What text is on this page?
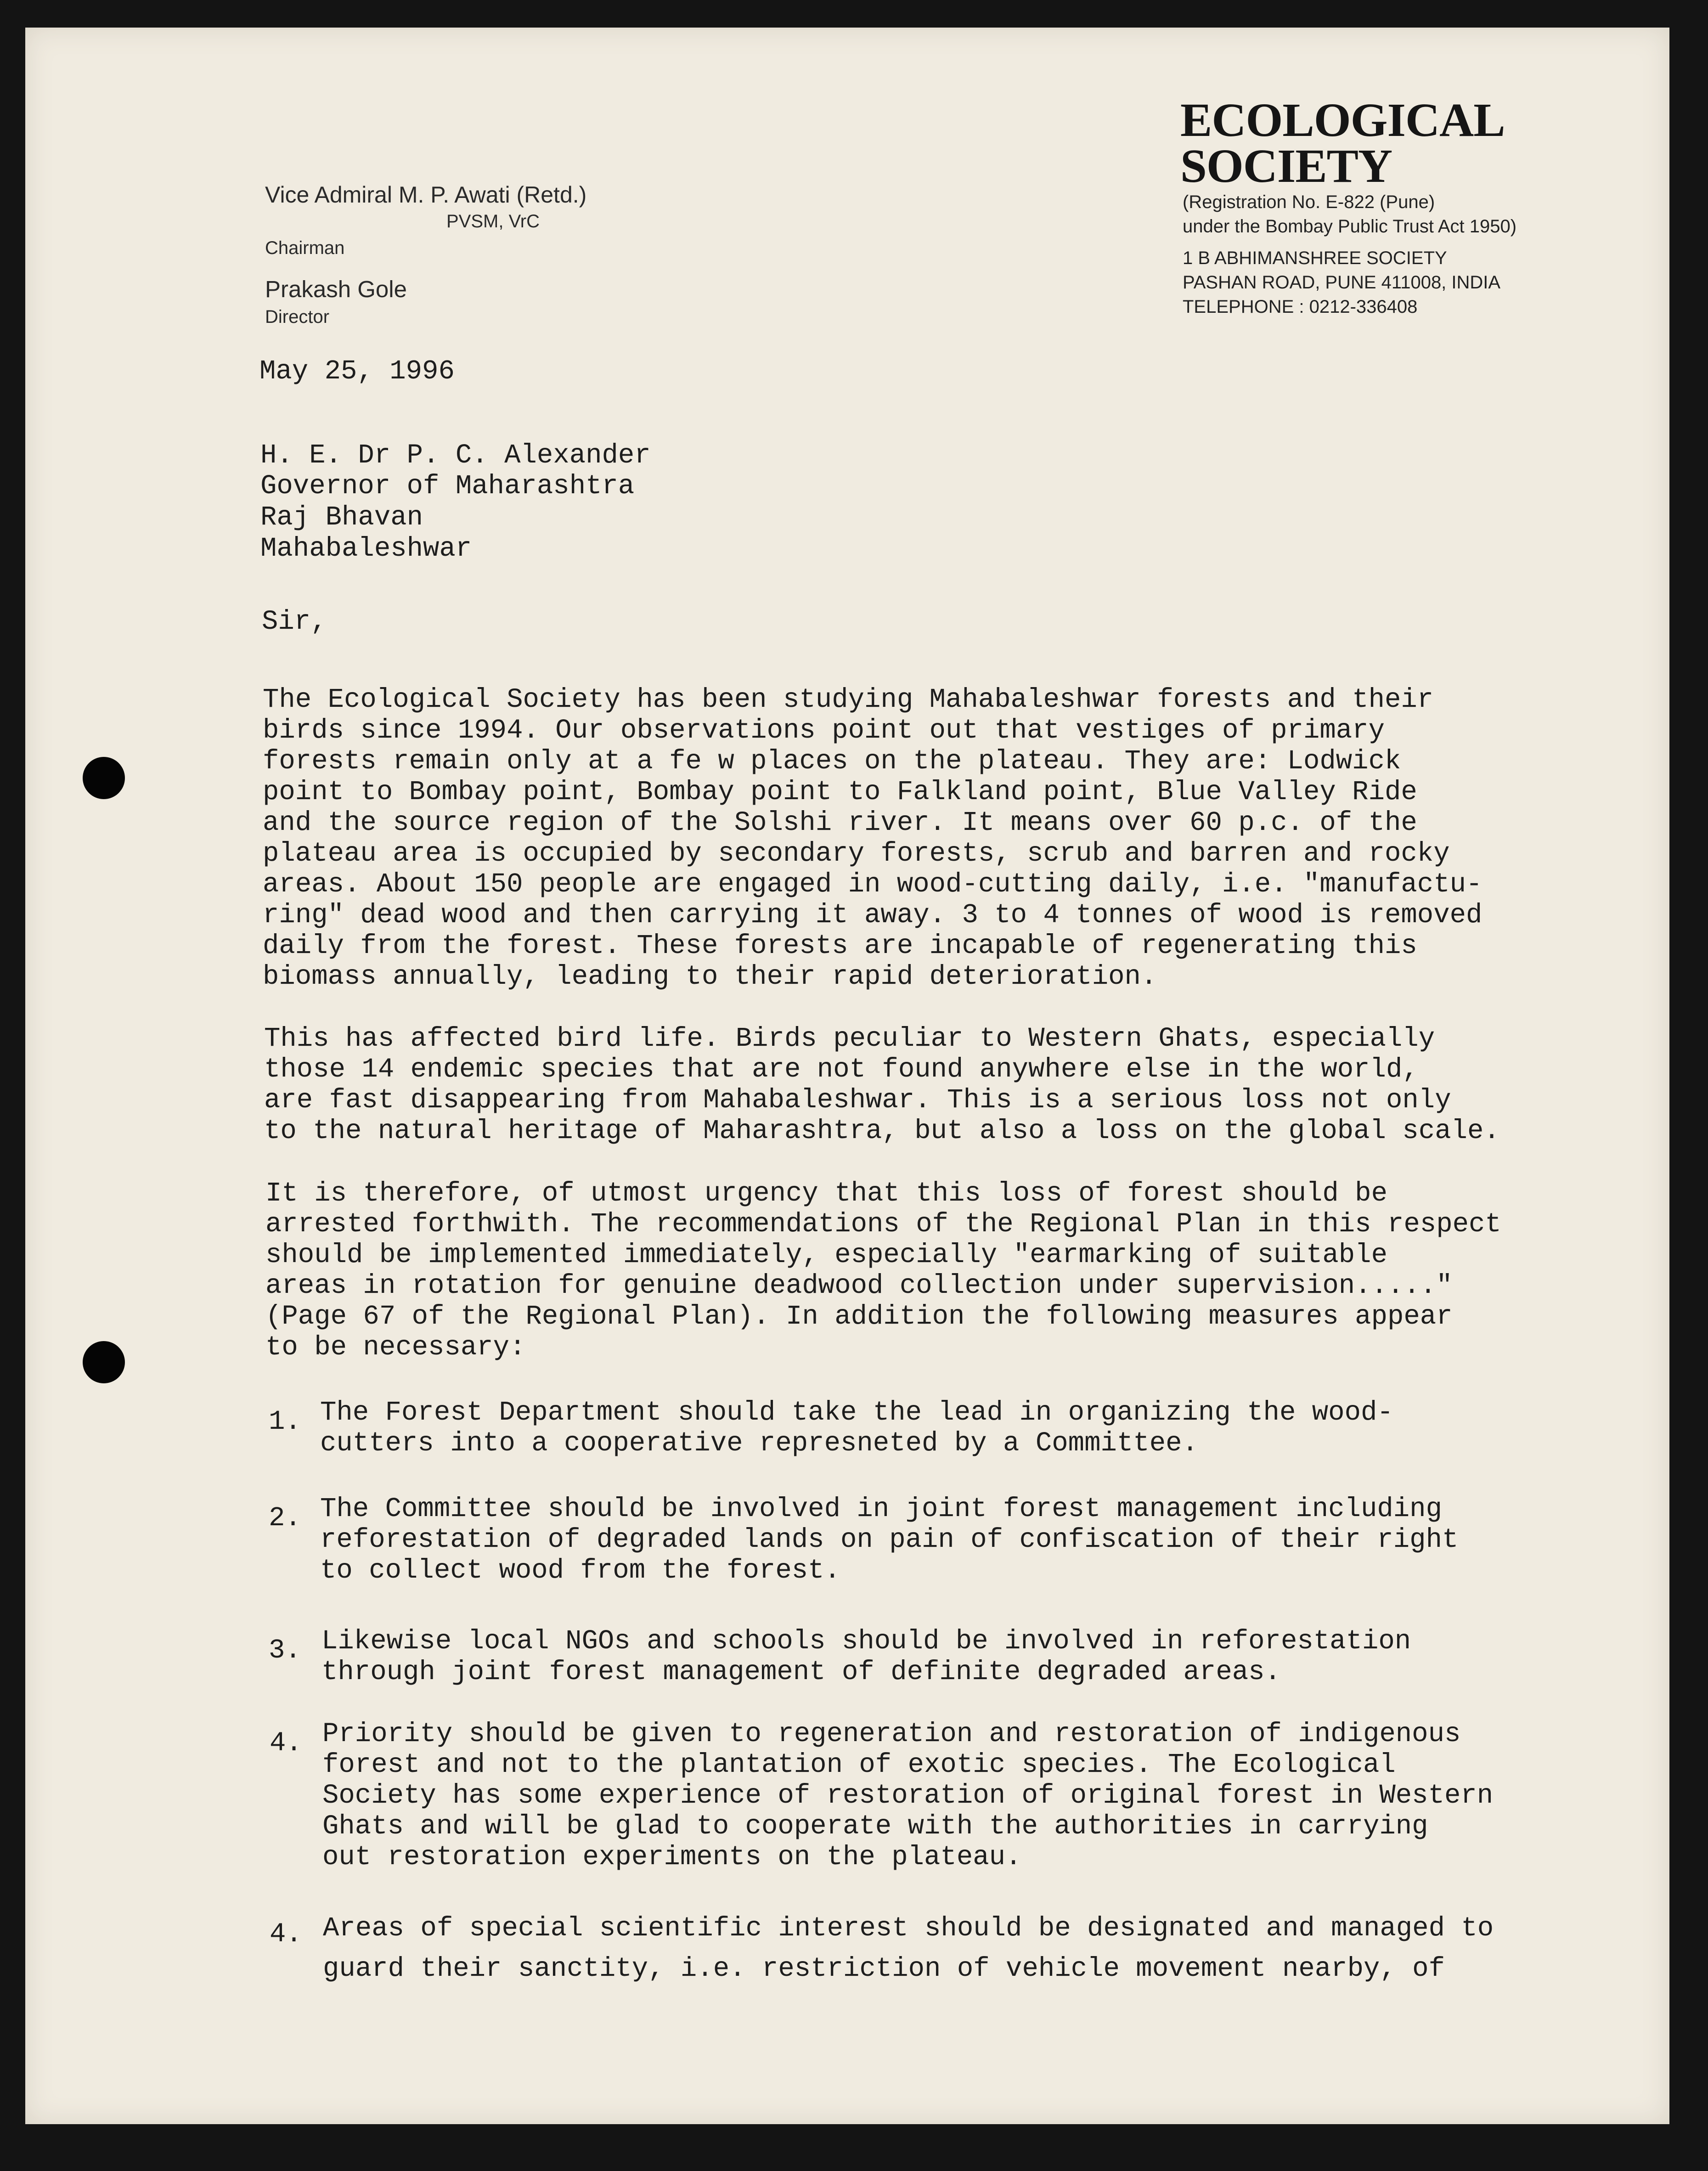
ECOLOGICAL
SOCIETY
(Registration No. E-822 (Pune)
under the Bombay Public Trust Act 1950)
1 B ABHIMANSHREE SOCIETY
PASHAN ROAD, PUNE 411008, INDIA
TELEPHONE : 0212-336408
Vice Admiral M. P. Awati (Retd.)
PVSM, VrC
Chairman
Prakash Gole
Director
May 25, 1996
H. E. Dr P. C. Alexander
Governor of Maharashtra
Raj Bhavan
Mahabaleshwar
Sir,
The Ecological Society has been studying Mahabaleshwar forests and their
birds since 1994. Our observations point out that vestiges of primary
forests remain only at a fe w places on the plateau. They are: Lodwick
point to Bombay point, Bombay point to Falkland point, Blue Valley Ride
and the source region of the Solshi river. It means over 60 p.c. of the
plateau area is occupied by secondary forests, scrub and barren and rocky
areas. About 150 people are engaged in wood-cutting daily, i.e. "manufactu-
ring" dead wood and then carrying it away. 3 to 4 tonnes of wood is removed
daily from the forest. These forests are incapable of regenerating this
biomass annually, leading to their rapid deterioration.
This has affected bird life. Birds peculiar to Western Ghats, especially
those 14 endemic species that are not found anywhere else in the world,
are fast disappearing from Mahabaleshwar. This is a serious loss not only
to the natural heritage of Maharashtra, but also a loss on the global scale.
It is therefore, of utmost urgency that this loss of forest should be
arrested forthwith. The recommendations of the Regional Plan in this respect
should be implemented immediately, especially "earmarking of suitable
areas in rotation for genuine deadwood collection under supervision....."
(Page 67 of the Regional Plan). In addition the following measures appear
to be necessary:
1. The Forest Department should take the lead in organizing the wood-
cutters into a cooperative represneted by a Committee.
2. The Committee should be involved in joint forest management including
reforestation of degraded lands on pain of confiscation of their right
to collect wood from the forest.
3. Likewise local NGOs and schools should be involved in reforestation
through joint forest management of definite degraded areas.
4. Priority should be given to regeneration and restoration of indigenous
forest and not to the plantation of exotic species. The Ecological
Society has some experience of restoration of original forest in Western
Ghats and will be glad to cooperate with the authorities in carrying
out restoration experiments on the plateau.
4. Areas of special scientific interest should be designated and managed to
guard their sanctity, i.e. restriction of vehicle movement nearby, of
